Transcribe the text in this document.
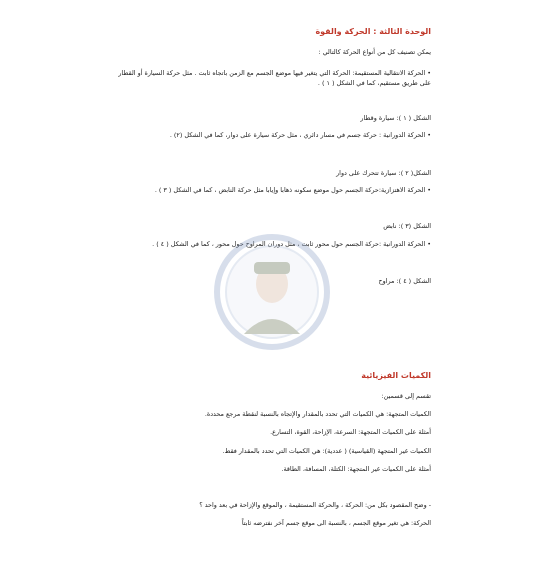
الوحدة الثالثة : الحركة والقوة
يمكن تصنيف كل من أنواع الحركة كالتالي :
• الحركة الانتقالية المستقيمة: الحركة التي يتغير فيها موضع الجسم مع الزمن باتجاه ثابت . مثل حركة السيارة أو القطار على طريق مستقيم، كما في الشكل ( ١ ) .
الشكل ( ١ ): سيارة وقطار
• الحركة الدورانية : حركة جسم في مسار دائري ، مثل حركة سيارة على دوار، كما في الشكل (٢) .
الشكل( ٢ ): سيارة تتحرك على دوار
• الحركة الاهتزازية:حركة الجسم حول موضع سكونه ذهابا وإيابا مثل حركة النابض ، كما في الشكل ( ٣ ) .
الشكل (٣ ): نابض
• الحركة الدورانية :حركة الجسم حول محور ثابت ، مثل دوران المراوح حول محور ، كما في الشكل ( ٤ ) .
الشكل ( ٤ ): مراوح
الكميات الفيزيائية
تقسم إلى قسمين:
الكميات المتجهة: هي الكميات التي تحدد بالمقدار والإتجاه بالنسبة لنقطة مرجع محددة.
أمثلة على الكميات المتجهة: السرعة، الإزاحة، القوة، التسارع.
الكميات غير المتجهة (القياسية) ( عددية): هي الكميات التي تحدد بالمقدار فقط.
أمثلة على الكميات غير المتجهة: الكتلة، المسافة، الطاقة.
- وضح المقصود بكل من: الحركة ، والحركة المستقيمة ، والموقع والإزاحة في بعد واحد ؟
الحركة: هي تغير موقع الجسم ، بالنسبة الى موقع جسم آخر نفترضه ثابتاً
